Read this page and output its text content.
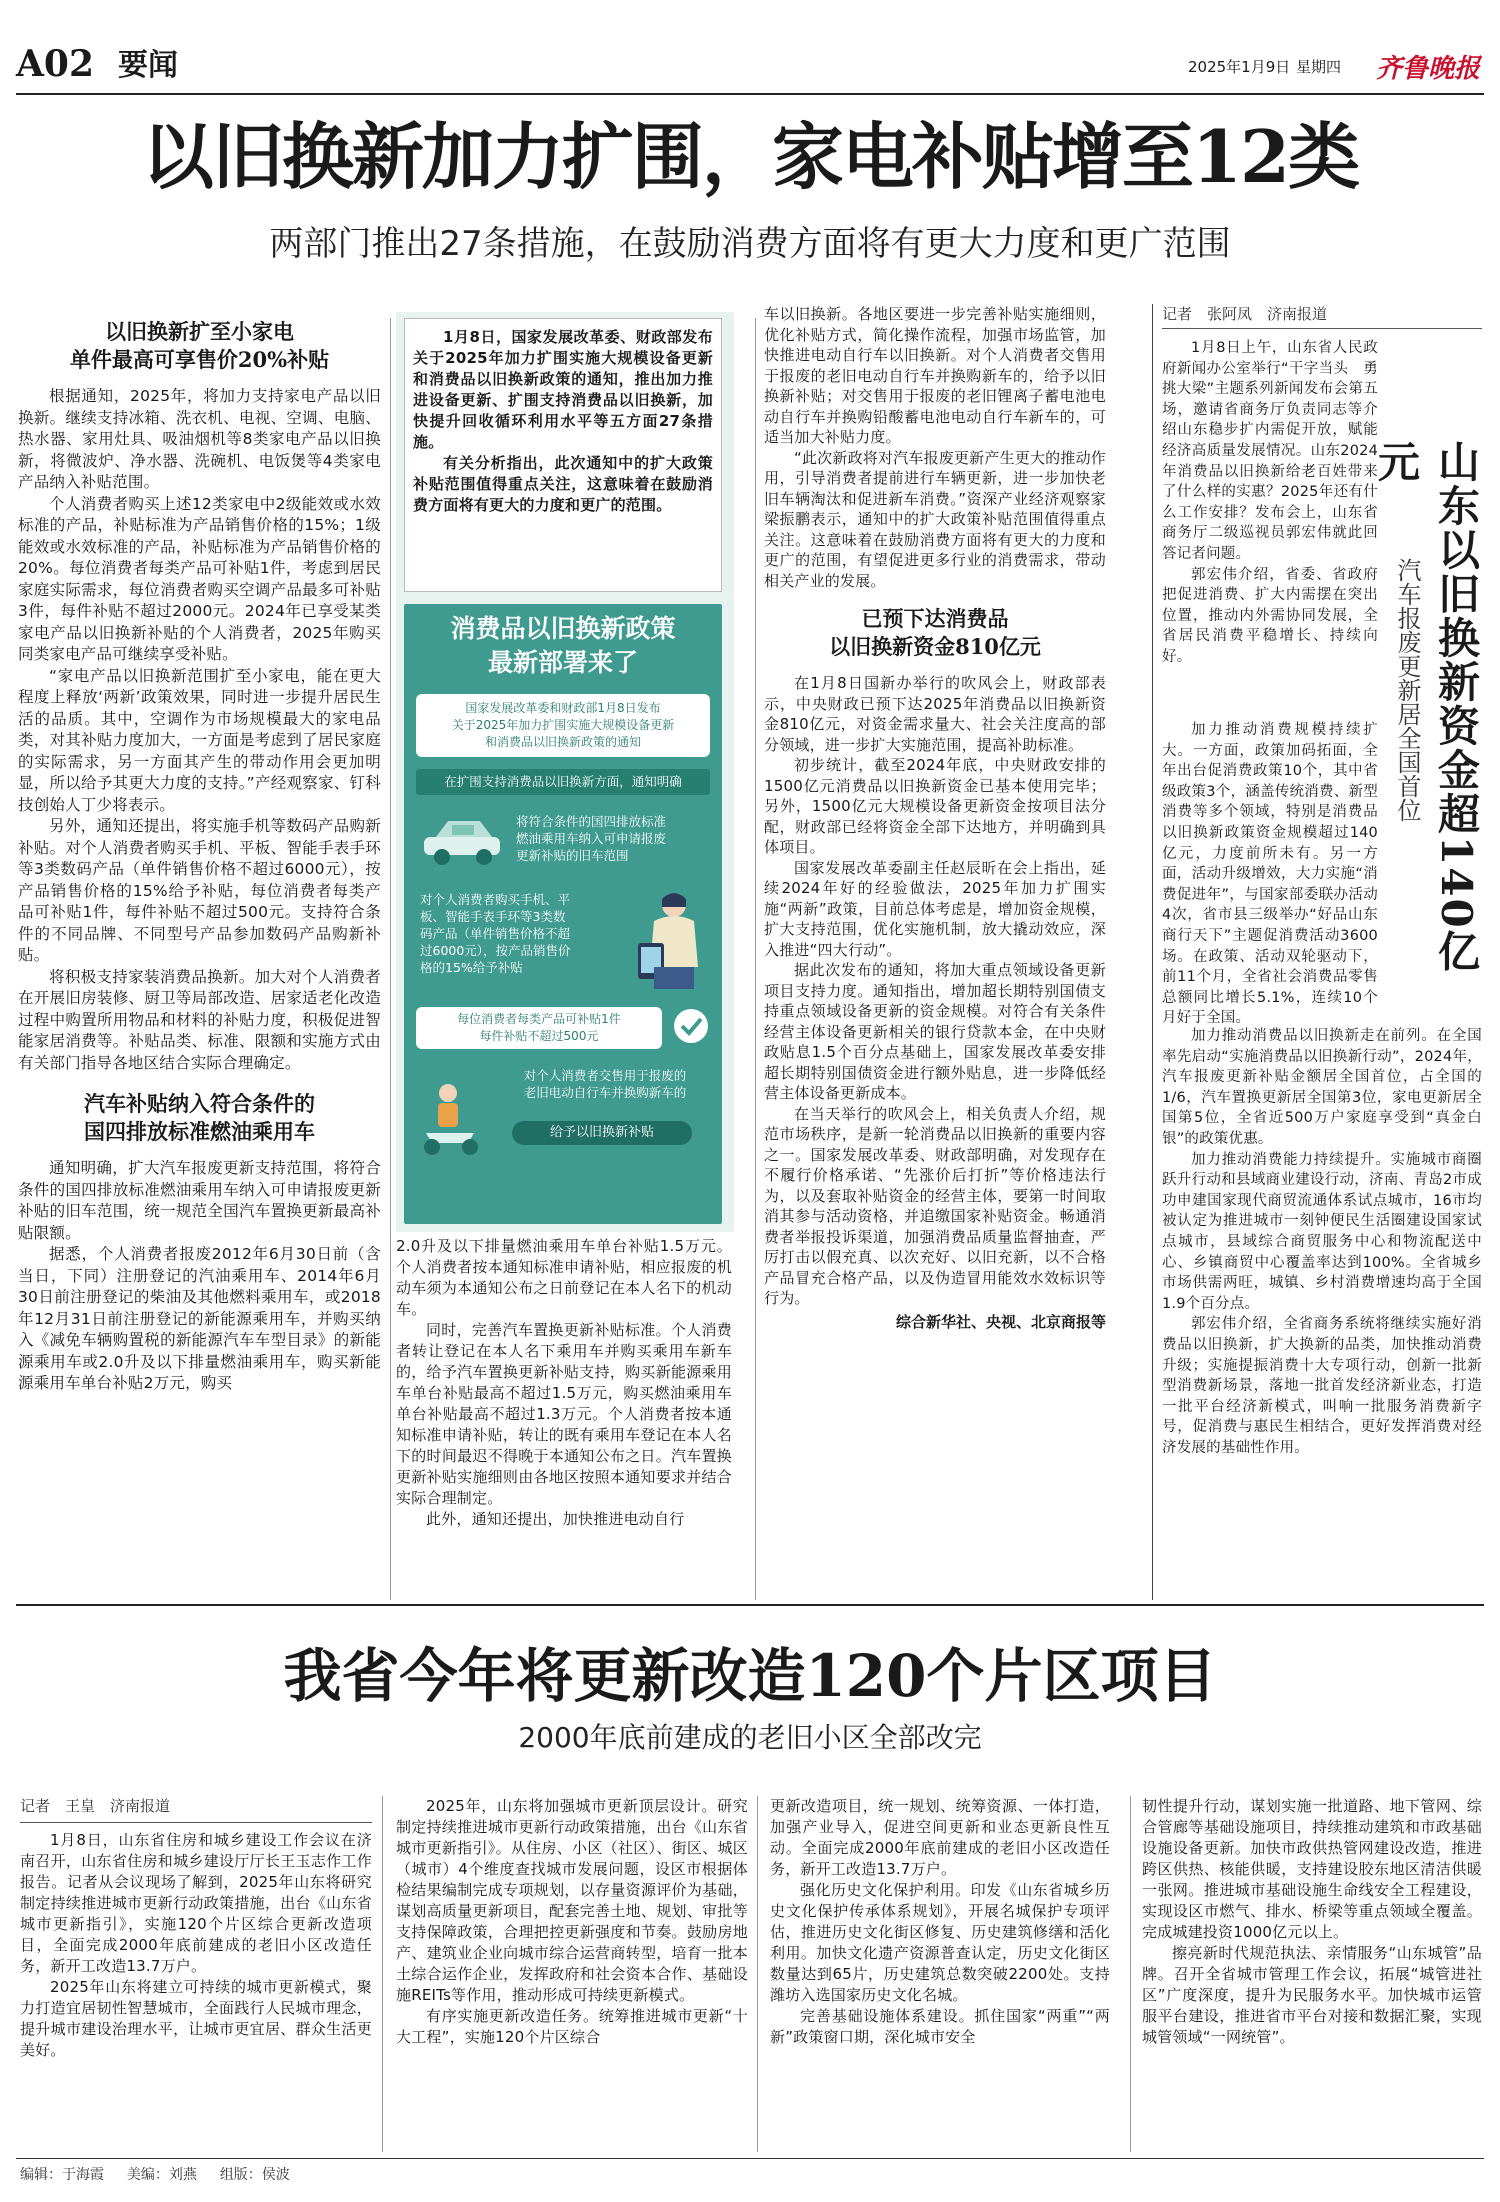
A02 要闻	2025年1月9日 星期四 齐鲁晚报
以旧换新加力扩围，家电补贴增至12类
两部门推出27条措施，在鼓励消费方面将有更大力度和更广范围
以旧换新扩至小家电
单件最高可享售价20%补贴

根据通知，2025年，将加力支持家电产品以旧换新。继续支持冰箱、洗衣机、电视、空调、电脑、热水器、家用灶具、吸油烟机等8类家电产品以旧换新，将微波炉、净水器、洗碗机、电饭煲等4类家电产品纳入补贴范围。

个人消费者购买上述12类家电中2级能效或水效标准的产品，补贴标准为产品销售价格的15%；1级能效或水效标准的产品，补贴标准为产品销售价格的20%。每位消费者每类产品可补贴1件，考虑到居民家庭实际需求，每位消费者购买空调产品最多可补贴3件，每件补贴不超过2000元。2024年已享受某类家电产品以旧换新补贴的个人消费者，2025年购买同类家电产品可继续享受补贴。

“家电产品以旧换新范围扩至小家电，能在更大程度上释放‘两新’政策效果，同时进一步提升居民生活的品质。其中，空调作为市场规模最大的家电品类，对其补贴力度加大，一方面是考虑到了居民家庭的实际需求，另一方面其产生的带动作用会更加明显，所以给予其更大力度的支持。”产经观察家、钉科技创始人丁少将表示。

另外，通知还提出，将实施手机等数码产品购新补贴。对个人消费者购买手机、平板、智能手表手环等3类数码产品（单件销售价格不超过6000元），按产品销售价格的15%给予补贴，每位消费者每类产品可补贴1件，每件补贴不超过500元。支持符合条件的不同品牌、不同型号产品参加数码产品购新补贴。

将积极支持家装消费品换新。加大对个人消费者在开展旧房装修、厨卫等局部改造、居家适老化改造过程中购置所用物品和材料的补贴力度，积极促进智能家居消费等。补贴品类、标准、限额和实施方式由有关部门指导各地区结合实际合理确定。

汽车补贴纳入符合条件的
国四排放标准燃油乘用车

通知明确，扩大汽车报废更新支持范围，将符合条件的国四排放标准燃油乘用车纳入可申请报废更新补贴的旧车范围，统一规范全国汽车置换更新最高补贴限额。

据悉，个人消费者报废2012年6月30日前（含当日，下同）注册登记的汽油乘用车、2014年6月30日前注册登记的柴油及其他燃料乘用车，或2018年12月31日前注册登记的新能源乘用车，并购买纳入《减免车辆购置税的新能源汽车车型目录》的新能源乘用车或2.0升及以下排量燃油乘用车，购买新能源乘用车单台补贴2万元，购买

1月8日，国家发展改革委、财政部发布关于2025年加力扩围实施大规模设备更新和消费品以旧换新政策的通知，推出加力推进设备更新、扩围支持消费品以旧换新，加快提升回收循环利用水平等五方面27条措施。

有关分析指出，此次通知中的扩大政策补贴范围值得重点关注，这意味着在鼓励消费方面将有更大的力度和更广的范围。

消费品以旧换新政策
最新部署来了
国家发展改革委和财政部1月8日发布
关于2025年加力扩围实施大规模设备更新
和消费品以旧换新政策的通知
在扩围支持消费品以旧换新方面，通知明确
将符合条件的国四排放标准
燃油乘用车纳入可申请报废
更新补贴的旧车范围
对个人消费者购买手机、平
板、智能手表手环等3类数
码产品（单件销售价格不超
过6000元），按产品销售价
格的15%给予补贴
每位消费者每类产品可补贴1件
每件补贴不超过500元
对个人消费者交售用于报废的
老旧电动自行车并换购新车的
给予以旧换新补贴

2.0升及以下排量燃油乘用车单台补贴1.5万元。个人消费者按本通知标准申请补贴，相应报废的机动车须为本通知公布之日前登记在本人名下的机动车。

同时，完善汽车置换更新补贴标准。个人消费者转让登记在本人名下乘用车并购买乘用车新车的，给予汽车置换更新补贴支持，购买新能源乘用车单台补贴最高不超过1.5万元，购买燃油乘用车单台补贴最高不超过1.3万元。个人消费者按本通知标准申请补贴，转让的既有乘用车登记在本人名下的时间最迟不得晚于本通知公布之日。汽车置换更新补贴实施细则由各地区按照本通知要求并结合实际合理制定。

此外，通知还提出，加快推进电动自行

车以旧换新。各地区要进一步完善补贴实施细则，优化补贴方式，简化操作流程，加强市场监管，加快推进电动自行车以旧换新。对个人消费者交售用于报废的老旧电动自行车并换购新车的，给予以旧换新补贴；对交售用于报废的老旧锂离子蓄电池电动自行车并换购铅酸蓄电池电动自行车新车的，可适当加大补贴力度。

“此次新政将对汽车报废更新产生更大的推动作用，引导消费者提前进行车辆更新，进一步加快老旧车辆淘汰和促进新车消费。”资深产业经济观察家梁振鹏表示，通知中的扩大政策补贴范围值得重点关注。这意味着在鼓励消费方面将有更大的力度和更广的范围，有望促进更多行业的消费需求，带动相关产业的发展。

已预下达消费品
以旧换新资金810亿元

在1月8日国新办举行的吹风会上，财政部表示，中央财政已预下达2025年消费品以旧换新资金810亿元，对资金需求量大、社会关注度高的部分领域，进一步扩大实施范围，提高补助标准。

初步统计，截至2024年底，中央财政安排的1500亿元消费品以旧换新资金已基本使用完毕；另外，1500亿元大规模设备更新资金按项目法分配，财政部已经将资金全部下达地方，并明确到具体项目。

国家发展改革委副主任赵辰昕在会上指出，延续2024年好的经验做法，2025年加力扩围实施“两新”政策，目前总体考虑是，增加资金规模，扩大支持范围，优化实施机制，放大撬动效应，深入推进“四大行动”。

据此次发布的通知，将加大重点领域设备更新项目支持力度。通知指出，增加超长期特别国债支持重点领域设备更新的资金规模。对符合有关条件经营主体设备更新相关的银行贷款本金，在中央财政贴息1.5个百分点基础上，国家发展改革委安排超长期特别国债资金进行额外贴息，进一步降低经营主体设备更新成本。

在当天举行的吹风会上，相关负责人介绍，规范市场秩序，是新一轮消费品以旧换新的重要内容之一。国家发展改革委、财政部明确，对发现存在不履行价格承诺、“先涨价后打折”等价格违法行为，以及套取补贴资金的经营主体，要第一时间取消其参与活动资格，并追缴国家补贴资金。畅通消费者举报投诉渠道，加强消费品质量监督抽查，严厉打击以假充真、以次充好、以旧充新，以不合格产品冒充合格产品，以及伪造冒用能效水效标识等行为。

综合新华社、央视、北京商报等
记者　张阿凤　济南报道
山东以旧换新资金超140亿元
汽车报废更新居全国首位

1月8日上午，山东省人民政府新闻办公室举行“干字当头　勇挑大梁”主题系列新闻发布会第五场，邀请省商务厅负责同志等介绍山东稳步扩内需促开放，赋能经济高质量发展情况。山东2024年消费品以旧换新给老百姓带来了什么样的实惠？2025年还有什么工作安排？发布会上，山东省商务厅二级巡视员郭宏伟就此回答记者问题。

郭宏伟介绍，省委、省政府把促进消费、扩大内需摆在突出位置，推动内外需协同发展，全省居民消费平稳增长、持续向好。

加力推动消费品以旧换新走在前列。在全国率先启动“实施消费品以旧换新行动”，2024年，汽车报废更新补贴金额居全国首位，占全国的1/6，汽车置换更新居全国第3位，家电更新居全国第5位，全省近500万户家庭享受到“真金白银”的政策优惠。

加力推动消费能力持续提升。实施城市商圈跃升行动和县域商业建设行动，济南、青岛2市成功申建国家现代商贸流通体系试点城市，16市均被认定为推进城市一刻钟便民生活圈建设国家试点城市，县域综合商贸服务中心和物流配送中心、乡镇商贸中心覆盖率达到100%。全省城乡市场供需两旺，城镇、乡村消费增速均高于全国1.9个百分点。

郭宏伟介绍，全省商务系统将继续实施好消费品以旧换新，扩大换新的品类，加快推动消费升级；实施提振消费十大专项行动，创新一批新型消费新场景，落地一批首发经济新业态，打造一批平台经济新模式，叫响一批服务消费新字号，促消费与惠民生相结合，更好发挥消费对经济发展的基础性作用。

加力推动消费规模持续扩大。一方面，政策加码拓面，全年出台促消费政策10个，其中省级政策3个，涵盖传统消费、新型消费等多个领域，特别是消费品以旧换新政策资金规模超过140亿元，力度前所未有。另一方面，活动升级增效，大力实施“消费促进年”，与国家部委联办活动4次，省市县三级举办“好品山东　商行天下”主题促消费活动3600场。在政策、活动双轮驱动下，前11个月，全省社会消费品零售总额同比增长5.1%，连续10个月好于全国。

我省今年将更新改造120个片区项目
2000年底前建成的老旧小区全部改完
记者　王皇　济南报道

1月8日，山东省住房和城乡建设工作会议在济南召开，山东省住房和城乡建设厅厅长王玉志作工作报告。记者从会议现场了解到，2025年山东将研究制定持续推进城市更新行动政策措施，出台《山东省城市更新指引》，实施120个片区综合更新改造项目，全面完成2000年底前建成的老旧小区改造任务，新开工改造13.7万户。

2025年山东将建立可持续的城市更新模式，聚力打造宜居韧性智慧城市，全面践行人民城市理念，提升城市建设治理水平，让城市更宜居、群众生活更美好。

2025年，山东将加强城市更新顶层设计。研究制定持续推进城市更新行动政策措施，出台《山东省城市更新指引》。从住房、小区（社区）、街区、城区（城市）4个维度查找城市发展问题，设区市根据体检结果编制完成专项规划，以存量资源评价为基础，谋划高质量更新项目，配套完善土地、规划、审批等支持保障政策，合理把控更新强度和节奏。鼓励房地产、建筑业企业向城市综合运营商转型，培育一批本土综合运作企业，发挥政府和社会资本合作、基础设施REITs等作用，推动形成可持续更新模式。

有序实施更新改造任务。统筹推进城市更新“十大工程”，实施120个片区综合

更新改造项目，统一规划、统筹资源、一体打造，加强产业导入，促进空间更新和业态更新良性互动。全面完成2000年底前建成的老旧小区改造任务，新开工改造13.7万户。

强化历史文化保护利用。印发《山东省城乡历史文化保护传承体系规划》，开展名城保护专项评估，推进历史文化街区修复、历史建筑修缮和活化利用。加快文化遗产资源普查认定，历史文化街区数量达到65片，历史建筑总数突破2200处。支持潍坊入选国家历史文化名城。

完善基础设施体系建设。抓住国家“两重”“两新”政策窗口期，深化城市安全

韧性提升行动，谋划实施一批道路、地下管网、综合管廊等基础设施项目，持续推动建筑和市政基础设施设备更新。加快市政供热管网建设改造，推进跨区供热、核能供暖，支持建设胶东地区清洁供暖一张网。推进城市基础设施生命线安全工程建设，实现设区市燃气、排水、桥梁等重点领域全覆盖。完成城建投资1000亿元以上。

擦亮新时代规范执法、亲情服务“山东城管”品牌。召开全省城市管理工作会议，拓展“城管进社区”广度深度，提升为民服务水平。加快城市运管服平台建设，推进省市平台对接和数据汇聚，实现城管领域“一网统管”。

编辑：于海霞 美编：刘燕 组版：侯波
